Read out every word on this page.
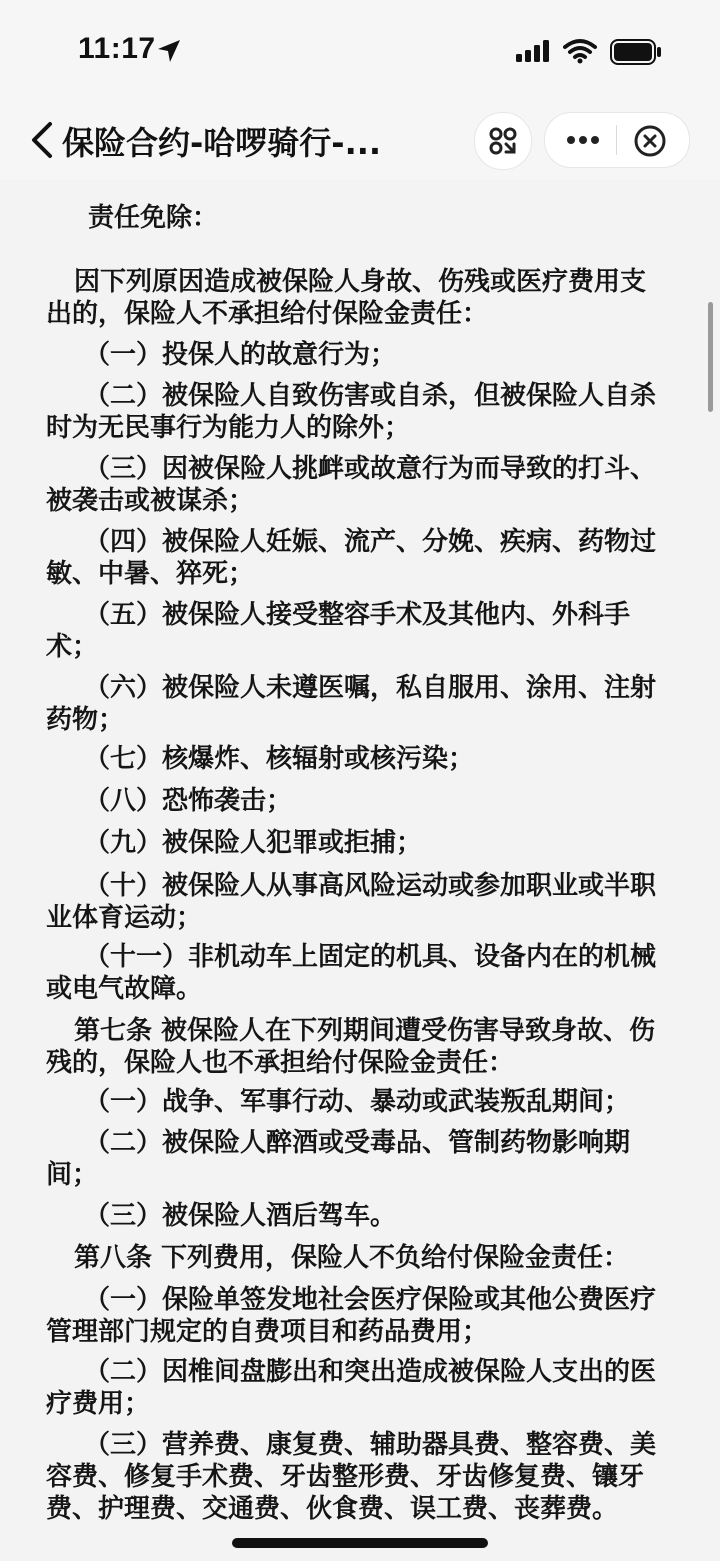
11:17
保险合约-哈啰骑行-...

责任免除：

因下列原因造成被保险人身故、伤残或医疗费用支出的，保险人不承担给付保险金责任：

（一）投保人的故意行为；

（二）被保险人自致伤害或自杀，但被保险人自杀时为无民事行为能力人的除外；

（三）因被保险人挑衅或故意行为而导致的打斗、被袭击或被谋杀；

（四）被保险人妊娠、流产、分娩、疾病、药物过敏、中暑、猝死；

（五）被保险人接受整容手术及其他内、外科手术；

（六）被保险人未遵医嘱，私自服用、涂用、注射药物；

（七）核爆炸、核辐射或核污染；

（八）恐怖袭击；

（九）被保险人犯罪或拒捕；

（十）被保险人从事高风险运动或参加职业或半职业体育运动；

（十一）非机动车上固定的机具、设备内在的机械或电气故障。

第七条 被保险人在下列期间遭受伤害导致身故、伤残的，保险人也不承担给付保险金责任：

（一）战争、军事行动、暴动或武装叛乱期间；

（二）被保险人醉酒或受毒品、管制药物影响期间；

（三）被保险人酒后驾车。

第八条 下列费用，保险人不负给付保险金责任：

（一）保险单签发地社会医疗保险或其他公费医疗管理部门规定的自费项目和药品费用；

（二）因椎间盘膨出和突出造成被保险人支出的医疗费用；

（三）营养费、康复费、辅助器具费、整容费、美容费、修复手术费、牙齿整形费、牙齿修复费、镶牙费、护理费、交通费、伙食费、误工费、丧葬费。
